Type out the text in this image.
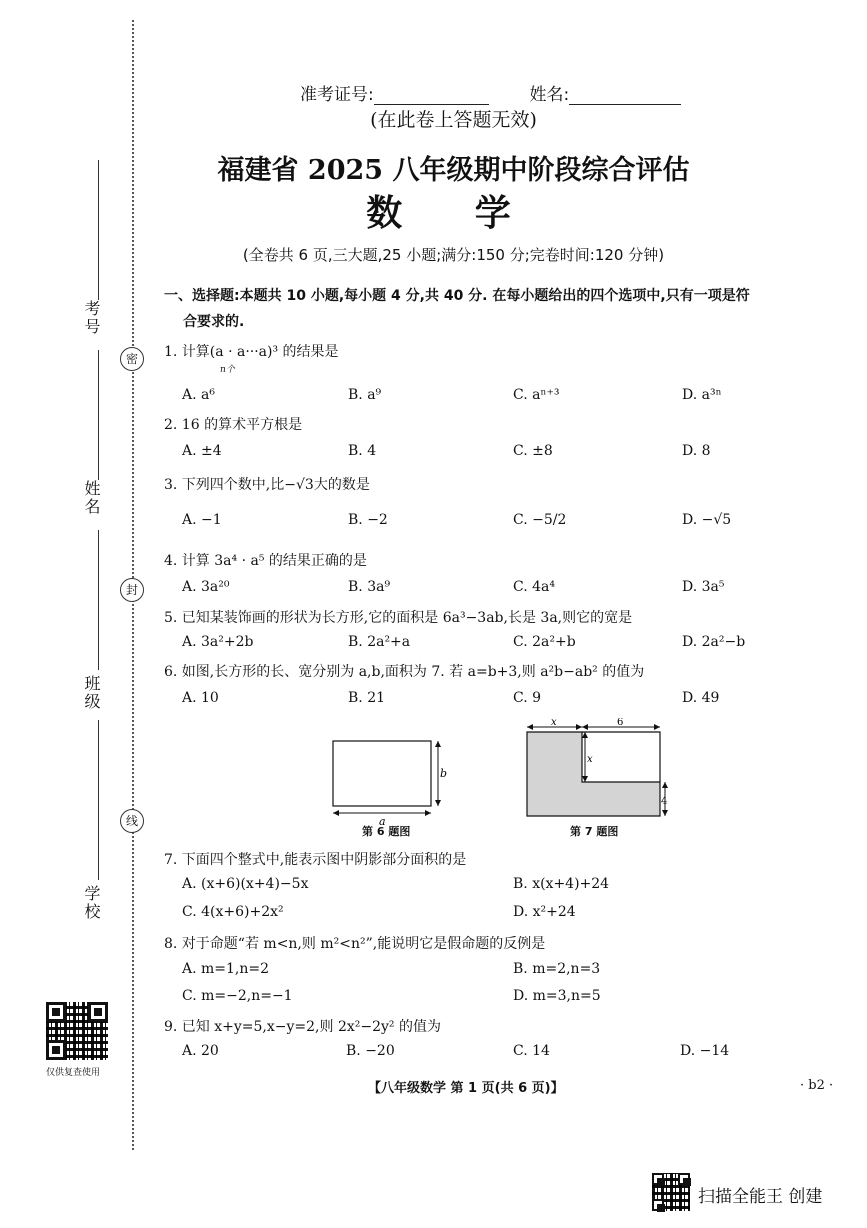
密
封
线
考号
姓名
班级
学校
仅供复查使用
准考证号:	姓名:
(在此卷上答题无效)
福建省 2025 八年级期中阶段综合评估
数 学
(全卷共 6 页,三大题,25 小题;满分:150 分;完卷时间:120 分钟)
一、选择题:本题共 10 小题,每小题 4 分,共 40 分. 在每小题给出的四个选项中,只有一项是符
合要求的.
1. 计算(a · a···a)³ 的结果是
n个
A. a⁶	B. a⁹	C. aⁿ⁺³	D. a³ⁿ
2. 16 的算术平方根是
A. ±4	B. 4	C. ±8	D. 8
3. 下列四个数中,比−√3大的数是
A. −1	B. −2	C. −5/2	D. −√5
4. 计算 3a⁴ · a⁵ 的结果正确的是
A. 3a²⁰	B. 3a⁹	C. 4a⁴	D. 3a⁵
5. 已知某装饰画的形状为长方形,它的面积是 6a³−3ab,长是 3a,则它的宽是
A. 3a²+2b	B. 2a²+a	C. 2a²+b	D. 2a²−b
6. 如图,长方形的长、宽分别为 a,b,面积为 7. 若 a=b+3,则 a²b−ab² 的值为
A. 10	B. 21	C. 9	D. 49
b
a
第 6 题图
x	6
x
4
第 7 题图
7. 下面四个整式中,能表示图中阴影部分面积的是
A. (x+6)(x+4)−5x	B. x(x+4)+24
C. 4(x+6)+2x²	D. x²+24
8. 对于命题“若 m<n,则 m²<n²”,能说明它是假命题的反例是
A. m=1,n=2	B. m=2,n=3
C. m=−2,n=−1	D. m=3,n=5
9. 已知 x+y=5,x−y=2,则 2x²−2y² 的值为
A. 20	B. −20	C. 14	D. −14
【八年级数学 第 1 页(共 6 页)】	· b2 ·
扫描全能王 创建
